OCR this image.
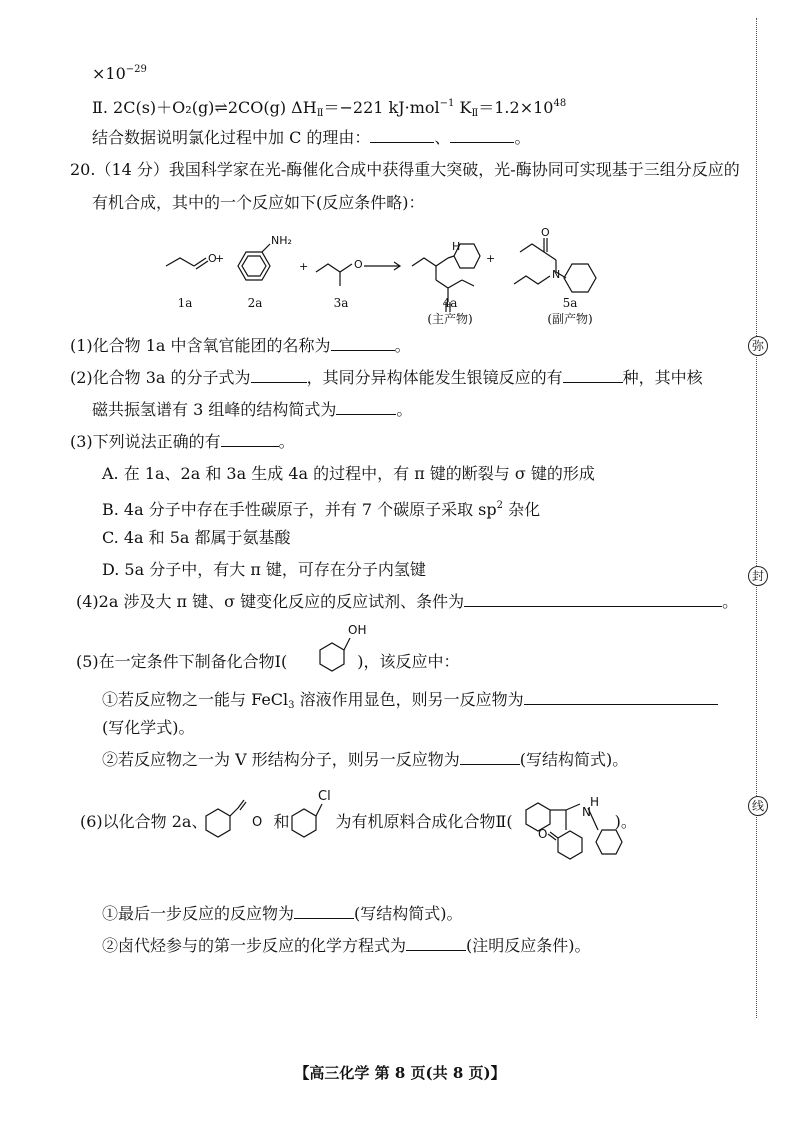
$\times 10^{-29}$
Ⅱ. 2C(s)＋O₂(g)⇌2CO(g) $\Delta H_Ⅱ=-221$ kJ·mol$^{-1}$ $K_Ⅱ=1.2\times 10^{48}$
结合数据说明氯化过程中加 C 的理由：	、	。
20.（14 分）我国科学家在光-酶催化合成中获得重大突破，光-酶协同可实现基于三组分反应的
有机合成，其中的一个反应如下(反应条件略)：
O
+
NH₂
+	O
H
+
O
N
1a	2a	3a	4a
(主产物)
5a
(副产物)
(1)化合物 1a 中含氧官能团的名称为	。
(2)化合物 3a 的分子式为	，其同分异构体能发生银镜反应的有	种，其中核
磁共振氢谱有 3 组峰的结构简式为	。
(3)下列说法正确的有	。
A. 在 1a、2a 和 3a 生成 4a 的过程中，有 π 键的断裂与 σ 键的形成
B. 4a 分子中存在手性碳原子，并有 7 个碳原子采取 $sp^2$ 杂化
C. 4a 和 5a 都属于氨基酸
D. 5a 分子中，有大 π 键，可存在分子内氢键
(4)2a 涉及大 π 键、σ 键变化反应的反应试剂、条件为	。
(5)在一定条件下制备化合物Ⅰ(	)，该反应中：
OH
①若反应物之一能与 FeCl$_3$ 溶液作用显色，则另一反应物为
(写化学式)。
②若反应物之一为 V 形结构分子，则另一反应物为	(写结构简式)。
(6)以化合物 2a、	和	为有机原料合成化合物Ⅱ(	)。
O
Cl	H
N
O
①最后一步反应的反应物为	(写结构简式)。
②卤代烃参与的第一步反应的化学方程式为	(注明反应条件)。
弥
封
线
【高三化学 第 8 页(共 8 页)】
